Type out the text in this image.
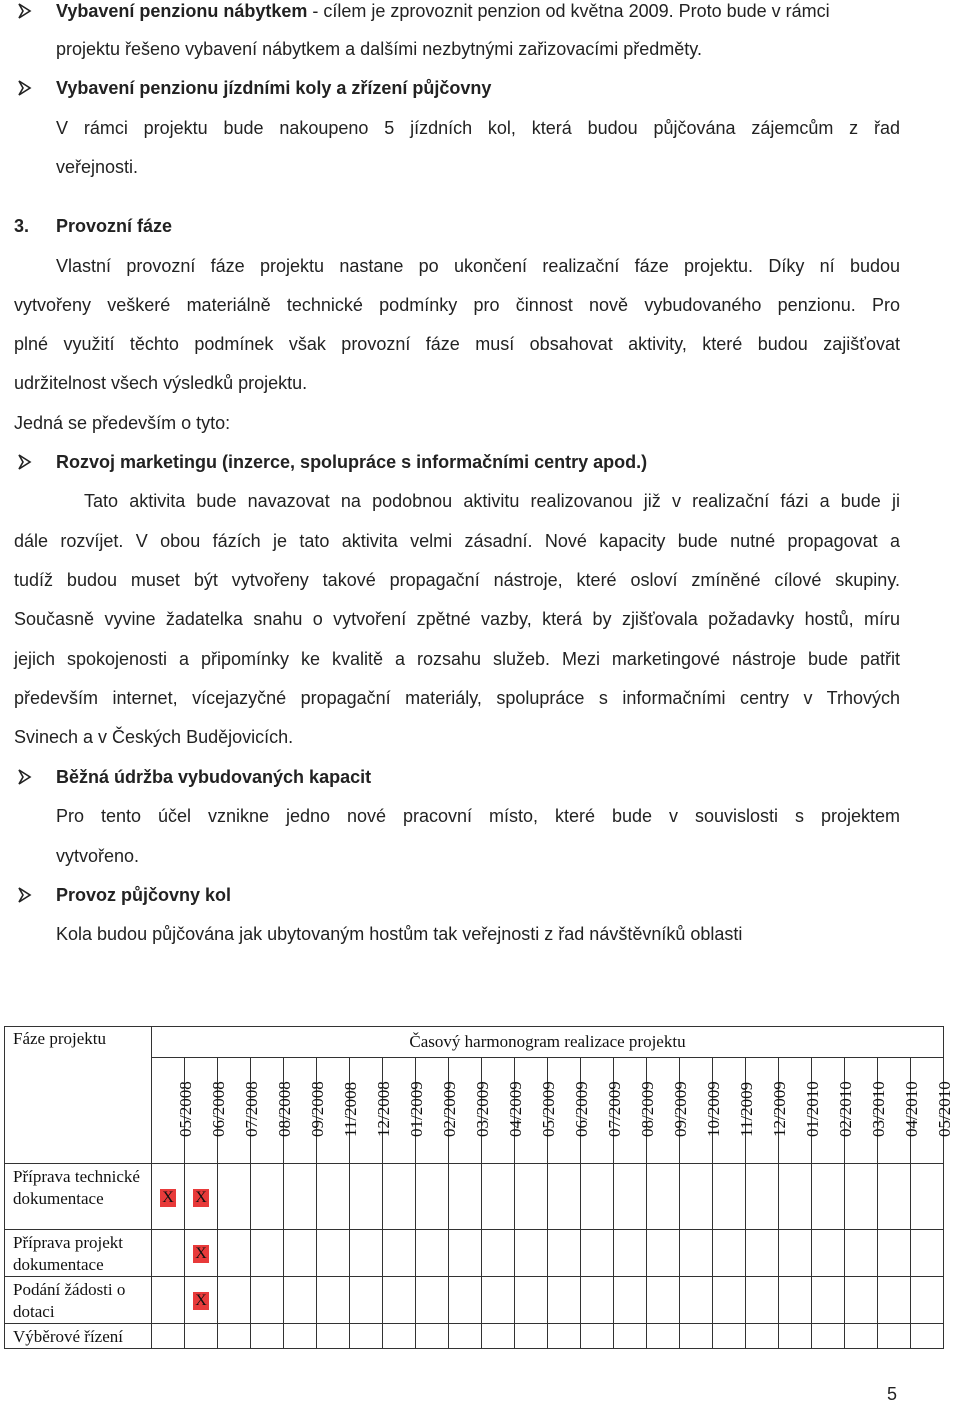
Vybavení penzionu nábytkem - cílem je zprovoznit penzion od května 2009. Proto bude v rámci
projektu řešeno vybavení nábytkem a dalšími nezbytnými zařizovacími předměty.
Vybavení penzionu jízdními koly a zřízení půjčovny
V rámci projektu bude nakoupeno 5 jízdních kol, která budou půjčována zájemcům z řad
veřejnosti.
3. Provozní fáze
Vlastní provozní fáze projektu nastane po ukončení realizační fáze projektu. Díky ní budou
vytvořeny veškeré materiálně technické podmínky pro činnost nově vybudovaného penzionu. Pro
plné využití těchto podmínek však provozní fáze musí obsahovat aktivity, které budou zajišťovat
udržitelnost všech výsledků projektu.
Jedná se především o tyto:
Rozvoj marketingu (inzerce, spolupráce s informačními centry apod.)
Tato aktivita bude navazovat na podobnou aktivitu realizovanou již v realizační fázi a bude ji
dále rozvíjet. V obou fázích je tato aktivita velmi zásadní. Nové kapacity bude nutné propagovat a
tudíž budou muset být vytvořeny takové propagační nástroje, které osloví zmíněné cílové skupiny.
Současně vyvine žadatelka snahu o vytvoření zpětné vazby, která by zjišťovala požadavky hostů, míru
jejich spokojenosti a připomínky ke kvalitě a rozsahu služeb. Mezi marketingové nástroje bude patřit
především internet, vícejazyčné propagační materiály, spolupráce s informačními centry v Trhových
Svinech a v Českých Budějovicích.
Běžná údržba vybudovaných kapacit
Pro tento účel vznikne jedno nové pracovní místo, které bude v souvislosti s projektem
vytvořeno.
Provoz půjčovny kol
Kola budou půjčována jak ubytovaným hostům tak veřejnosti z řad návštěvníků oblasti
Fáze projektu	Časový harmonogram realizace projektu																							

	05/2008	06/2008	07/2008	08/2008	09/2008	11/2008	12/2008	01/2009	02/2009	03/2009	04/2009	05/2009	06/2009	07/2009	08/2009	09/2009	10/2009	11/2009	12/2009	01/2010	02/2010	03/2010	04/2010	05/2010

Příprava technické dokumentace	X	X																						
Příprava projekt dokumentace		X																						
Podání žádosti o dotaci		X																						
Výběrové řízení																								
5
